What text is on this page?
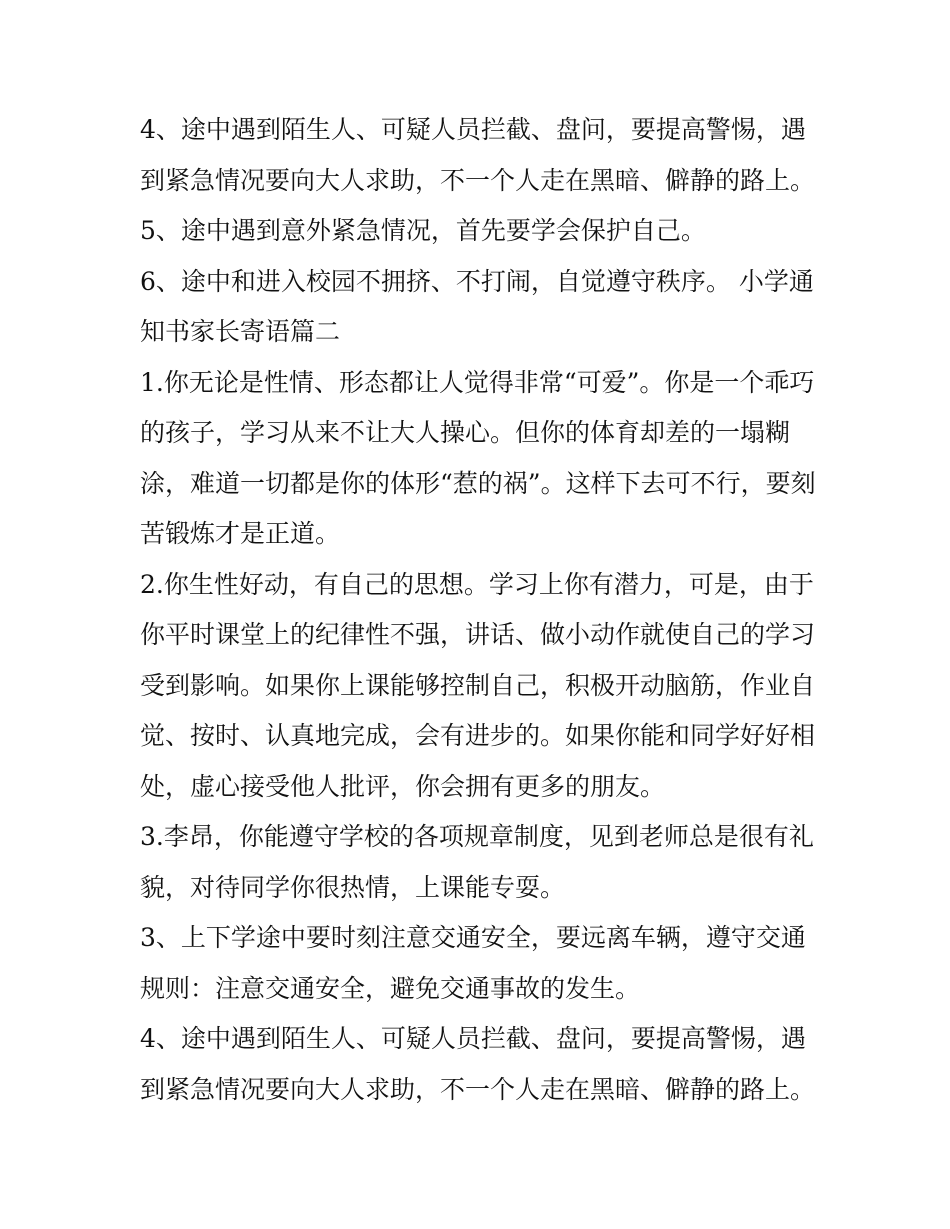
4、途中遇到陌生人、可疑人员拦截、盘问，要提高警惕，遇
到紧急情况要向大人求助，不一个人走在黑暗、僻静的路上。
5、途中遇到意外紧急情况，首先要学会保护自己。
6、途中和进入校园不拥挤、不打闹，自觉遵守秩序。 小学通
知书家长寄语篇二
1.你无论是性情、形态都让人觉得非常“可爱”。你是一个乖巧
的孩子，学习从来不让大人操心。但你的体育却差的一塌糊
涂，难道一切都是你的体形“惹的祸”。这样下去可不行，要刻
苦锻炼才是正道。
2.你生性好动，有自己的思想。学习上你有潜力，可是，由于
你平时课堂上的纪律性不强，讲话、做小动作就使自己的学习
受到影响。如果你上课能够控制自己，积极开动脑筋，作业自
觉、按时、认真地完成，会有进步的。如果你能和同学好好相
处，虚心接受他人批评，你会拥有更多的朋友。
3.李昂，你能遵守学校的各项规章制度，见到老师总是很有礼
貌，对待同学你很热情，上课能专耍。
3、上下学途中要时刻注意交通安全，要远离车辆，遵守交通
规则：注意交通安全，避免交通事故的发生。
4、途中遇到陌生人、可疑人员拦截、盘问，要提高警惕，遇
到紧急情况要向大人求助，不一个人走在黑暗、僻静的路上。
